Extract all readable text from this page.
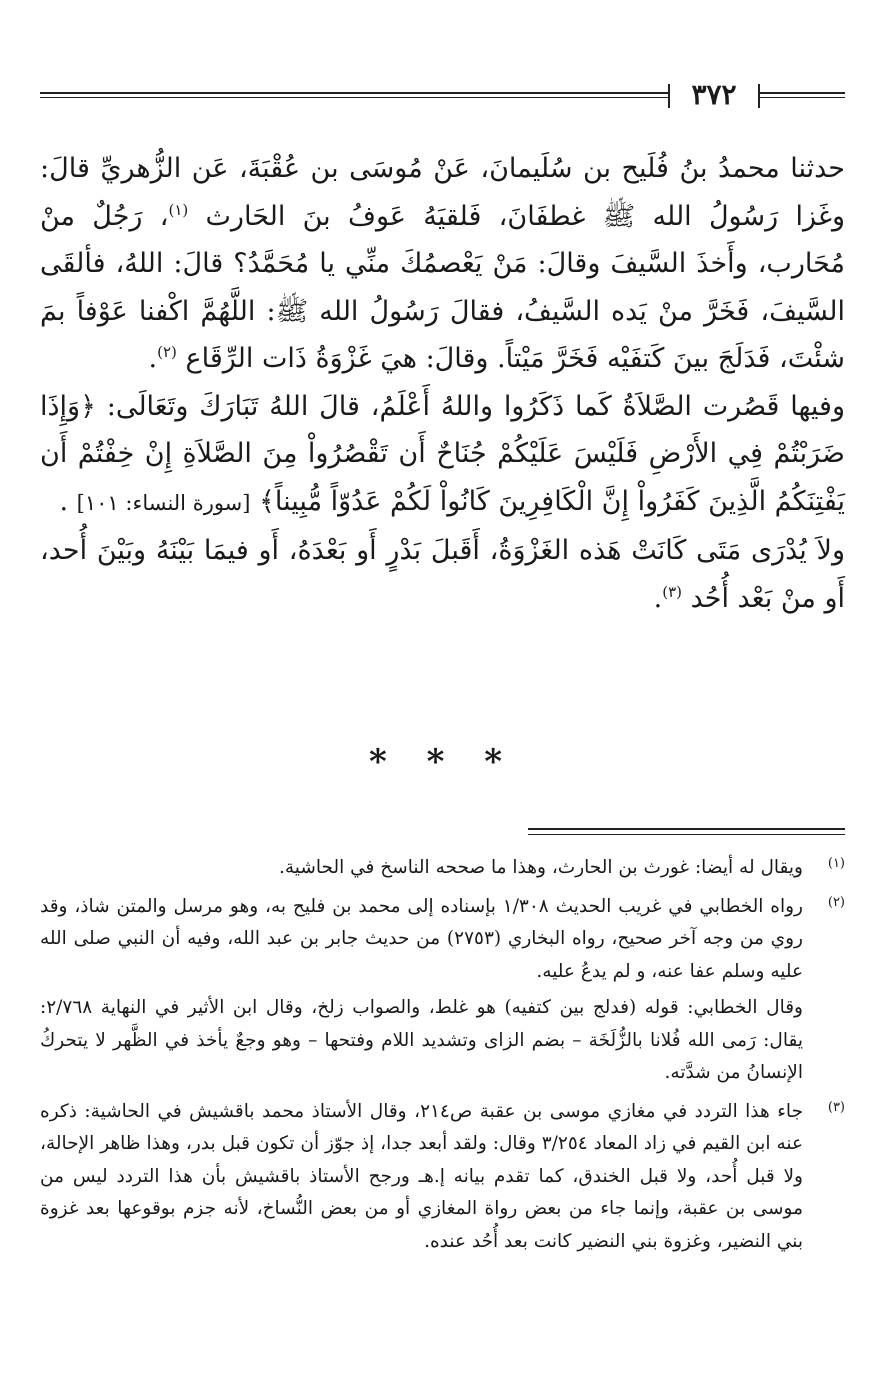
٣٧٢

حدثنا محمدُ بنُ فُلَيح بن سُلَيمانَ، عَنْ مُوسَى بن عُقْبَةَ، عَن الزُّهريِّ قالَ: وغَزا رَسُولُ الله ﷺ غطفَانَ، فَلقيَهُ عَوفُ بنَ الحَارث $^{(١)}$، رَجُلٌ منْ مُحَارب، وأَخذَ السَّيفَ وقالَ: مَنْ يَعْصمُكَ منِّي يا مُحَمَّدُ؟ قالَ: اللهُ، فألقَى السَّيفَ، فَخَرَّ منْ يَده السَّيفُ، فقالَ رَسُولُ الله ﷺ: اللَّهُمَّ اكْفنا عَوْفاً بمَ شئْتَ، فَدَلَجَ بينَ كَتفَيْه فَخَرَّ مَيْتاً. وقالَ: هيَ غَزْوَةُ ذَات الرِّقَاع $^{(٢)}$.

وفيها قَصُرت الصَّلاَةُ كَما ذَكَرُوا واللهُ أَعْلَمُ، قالَ اللهُ تَبَارَكَ وتَعَالَى: ﴿وَإِذَا ضَرَبْتُمْ فِي الأَرْضِ فَلَيْسَ عَلَيْكُمْ جُنَاحٌ أَن تَقْصُرُواْ مِنَ الصَّلاَةِ إِنْ خِفْتُمْ أَن يَفْتِنَكُمُ الَّذِينَ كَفَرُواْ إِنَّ الْكَافِرِينَ كَانُواْ لَكُمْ عَدُوّاً مُّبِيناً﴾ [سورة النساء: ١٠١] .

ولاَ يُدْرَى مَتَى كَانَتْ هَذه الغَزْوَةُ، أَقَبلَ بَدْرٍ أَو بَعْدَهُ، أَو فيمَا بَيْنَهُ وبَيْنَ أُحد، أَو منْ بَعْد أُحُد $^{(٣)}$.

* * *
(١)

ويقال له أيضا: غورث بن الحارث، وهذا ما صححه الناسخ في الحاشية.

(٢)

رواه الخطابي في غريب الحديث ١/٣٠٨ بإسناده إلى محمد بن فليح به، وهو مرسل والمتن شاذ، وقد روي من وجه آخر صحيح، رواه البخاري (٢٧٥٣) من حديث جابر بن عبد الله، وفيه أن النبي صلى الله عليه وسلم عفا عنه، و لم يدعُ عليه.

وقال الخطابي: قوله (فدلج بين كتفيه) هو غلط، والصواب زلخ، وقال ابن الأثير في النهاية ٢/٧٦٨: يقال: رَمى الله فُلانا بالزُّلَخَة – بضم الزاى وتشديد اللام وفتحها – وهو وجعٌ يأخذ في الظَّهر لا يتحركُ الإنسانُ من شدَّته.

(٣)

جاء هذا التردد في مغازي موسى بن عقبة ص٢١٤، وقال الأستاذ محمد باقشيش في الحاشية: ذكره عنه ابن القيم في زاد المعاد ٣/٢٥٤ وقال: ولقد أبعد جدا، إذ جوّز أن تكون قبل بدر، وهذا ظاهر الإحالة، ولا قبل أُحد، ولا قبل الخندق، كما تقدم بيانه إ.هـ ورجح الأستاذ باقشيش بأن هذا التردد ليس من موسى بن عقبة، وإنما جاء من بعض رواة المغازي أو من بعض النُّساخ، لأنه جزم بوقوعها بعد غزوة بني النضير، وغزوة بني النضير كانت بعد أُحُد عنده.
